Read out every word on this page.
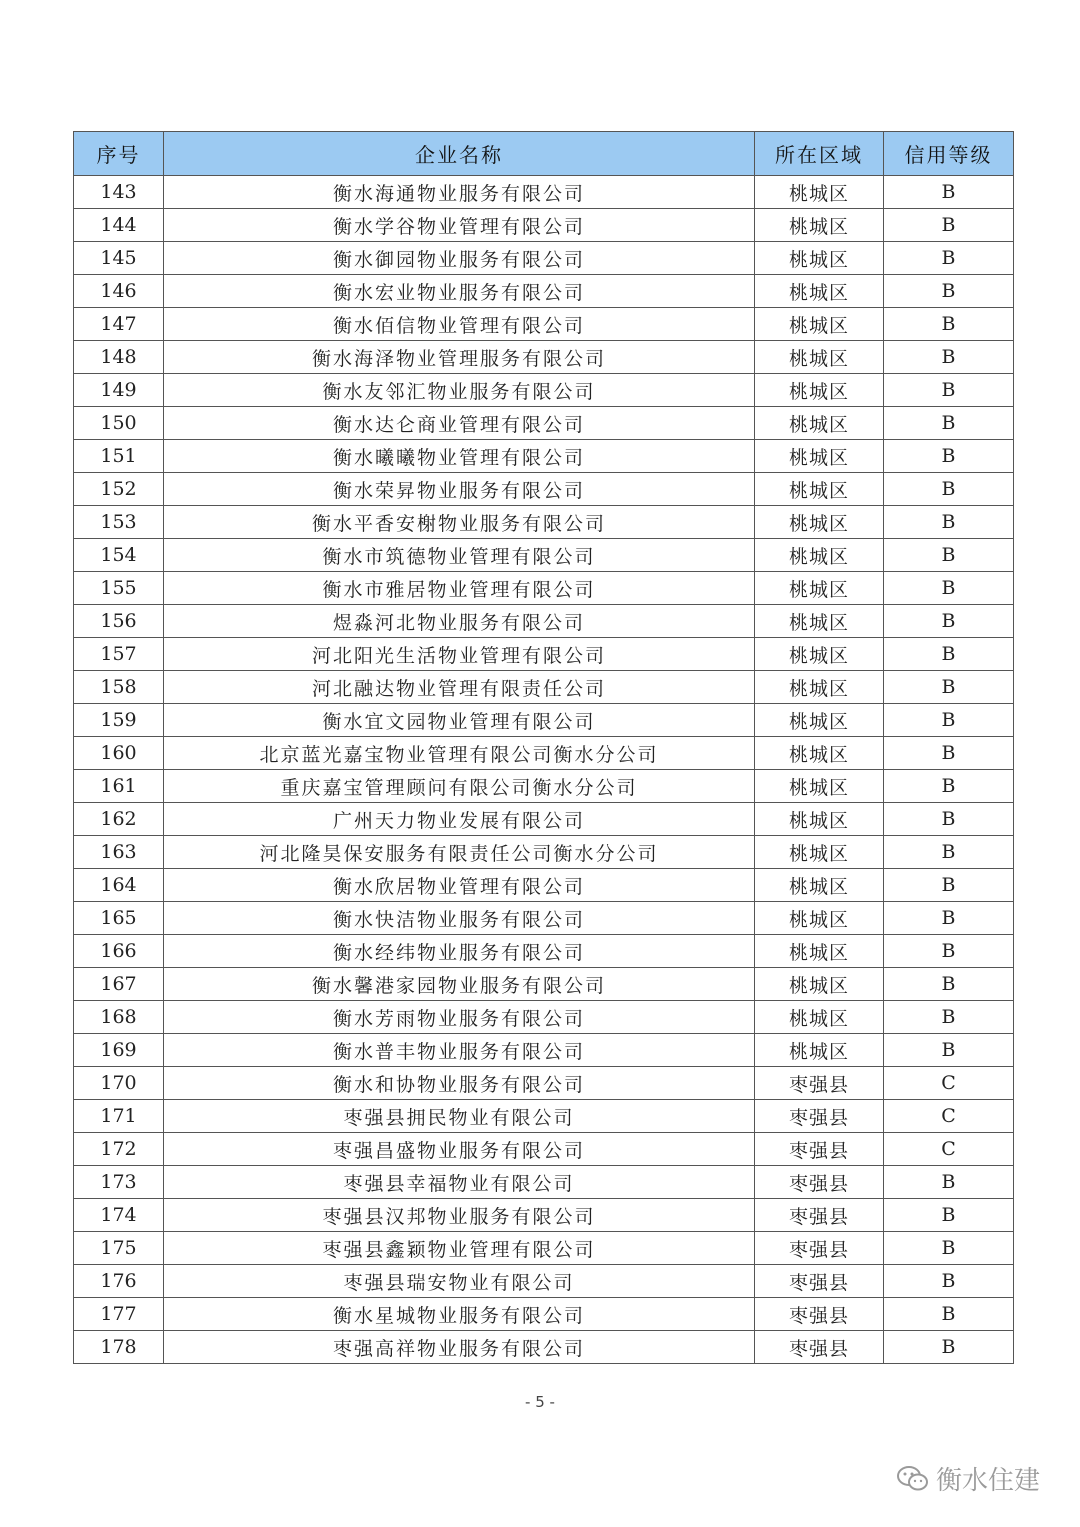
序号	企业名称	所在区域	信用等级
143	衡水海通物业服务有限公司	桃城区	B
144	衡水学谷物业管理有限公司	桃城区	B
145	衡水御园物业服务有限公司	桃城区	B
146	衡水宏业物业服务有限公司	桃城区	B
147	衡水佰信物业管理有限公司	桃城区	B
148	衡水海泽物业管理服务有限公司	桃城区	B
149	衡水友邻汇物业服务有限公司	桃城区	B
150	衡水达仑商业管理有限公司	桃城区	B
151	衡水曦曦物业管理有限公司	桃城区	B
152	衡水荣昇物业服务有限公司	桃城区	B
153	衡水平香安榭物业服务有限公司	桃城区	B
154	衡水市筑德物业管理有限公司	桃城区	B
155	衡水市雅居物业管理有限公司	桃城区	B
156	煜淼河北物业服务有限公司	桃城区	B
157	河北阳光生活物业管理有限公司	桃城区	B
158	河北融达物业管理有限责任公司	桃城区	B
159	衡水宜文园物业管理有限公司	桃城区	B
160	北京蓝光嘉宝物业管理有限公司衡水分公司	桃城区	B
161	重庆嘉宝管理顾问有限公司衡水分公司	桃城区	B
162	广州天力物业发展有限公司	桃城区	B
163	河北隆昊保安服务有限责任公司衡水分公司	桃城区	B
164	衡水欣居物业管理有限公司	桃城区	B
165	衡水快洁物业服务有限公司	桃城区	B
166	衡水经纬物业服务有限公司	桃城区	B
167	衡水馨港家园物业服务有限公司	桃城区	B
168	衡水芳雨物业服务有限公司	桃城区	B
169	衡水普丰物业服务有限公司	桃城区	B
170	衡水和协物业服务有限公司	枣强县	C
171	枣强县拥民物业有限公司	枣强县	C
172	枣强昌盛物业服务有限公司	枣强县	C
173	枣强县幸福物业有限公司	枣强县	B
174	枣强县汉邦物业服务有限公司	枣强县	B
175	枣强县鑫颖物业管理有限公司	枣强县	B
176	枣强县瑞安物业有限公司	枣强县	B
177	衡水星城物业服务有限公司	枣强县	B
178	枣强高祥物业服务有限公司	枣强县	B
- 5 -
衡水住建
